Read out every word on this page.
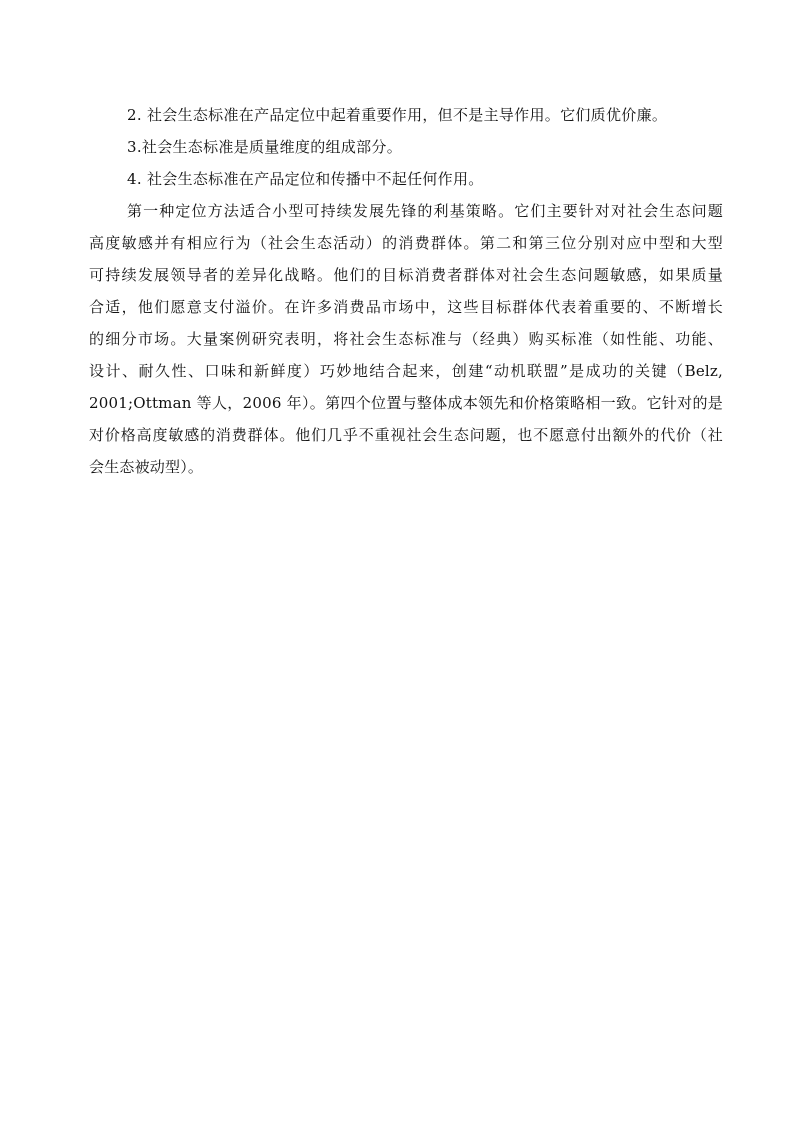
2. 社会生态标准在产品定位中起着重要作用，但不是主导作用。它们质优价廉。
3.社会生态标准是质量维度的组成部分。
4. 社会生态标准在产品定位和传播中不起任何作用。
第一种定位方法适合小型可持续发展先锋的利基策略。它们主要针对对社会生态问题
高度敏感并有相应行为（社会生态活动）的消费群体。第二和第三位分别对应中型和大型
可持续发展领导者的差异化战略。他们的目标消费者群体对社会生态问题敏感，如果质量
合适，他们愿意支付溢价。在许多消费品市场中，这些目标群体代表着重要的、不断增长
的细分市场。大量案例研究表明，将社会生态标准与（经典）购买标准（如性能、功能、
设计、耐久性、口味和新鲜度）巧妙地结合起来，创建“动机联盟”是成功的关键（Belz,
2001;Ottman 等人，2006 年）。第四个位置与整体成本领先和价格策略相一致。它针对的是
对价格高度敏感的消费群体。他们几乎不重视社会生态问题，也不愿意付出额外的代价（社
会生态被动型）。
